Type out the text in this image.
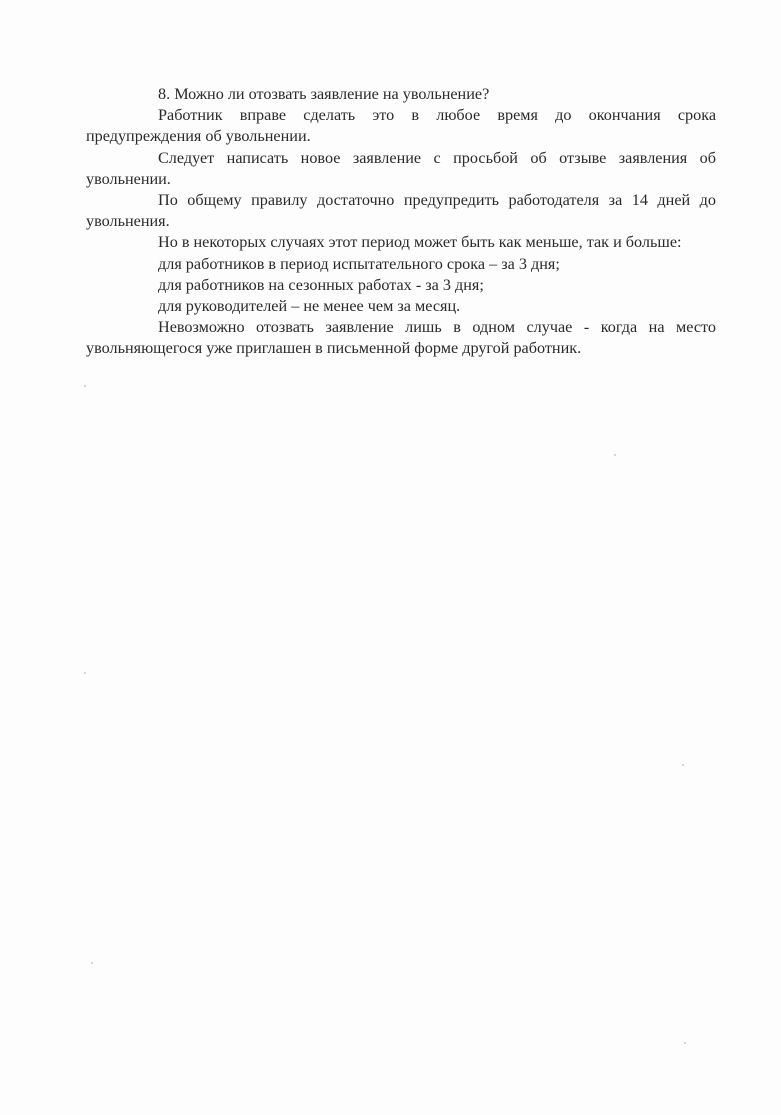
8. Можно ли отозвать заявление на увольнение?

Работник вправе сделать это в любое время до окончания срока предупреждения об увольнении.

Следует написать новое заявление с просьбой об отзыве заявления об увольнении.

По общему правилу достаточно предупредить работодателя за 14 дней до увольнения.

Но в некоторых случаях этот период может быть как меньше, так и больше:

для работников в период испытательного срока – за 3 дня;

для работников на сезонных работах - за 3 дня;

для руководителей – не менее чем за месяц.

Невозможно отозвать заявление лишь в одном случае - когда на место увольняющегося уже приглашен в письменной форме другой работник.
